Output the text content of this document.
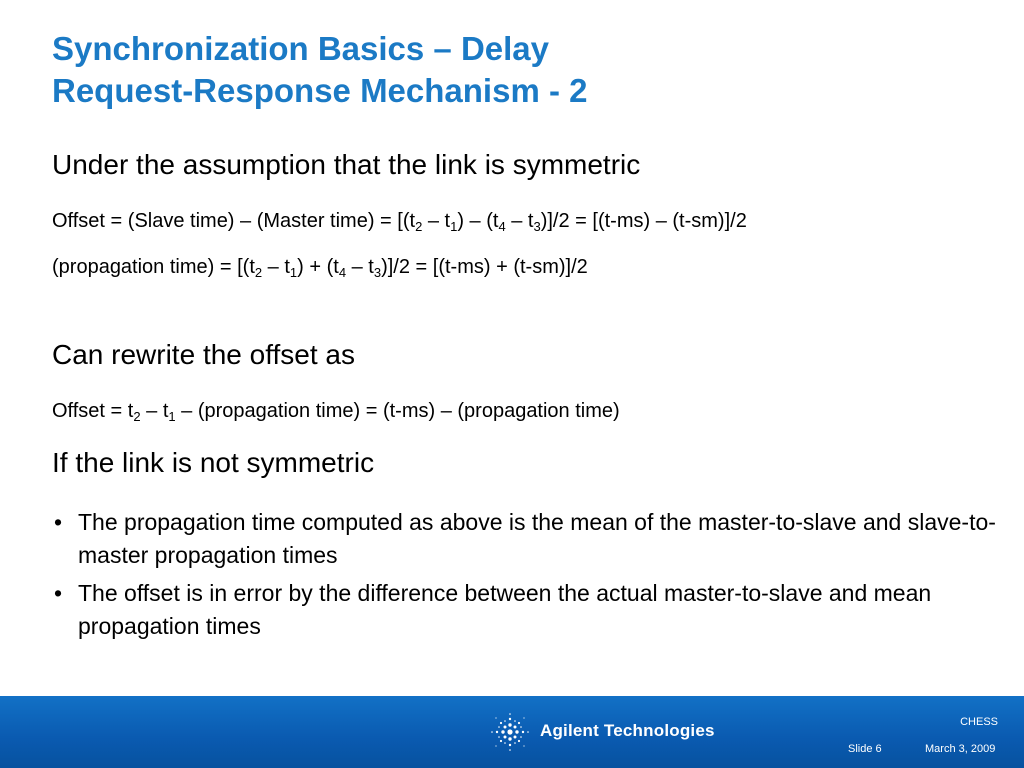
Synchronization Basics – Delay
Request-Response Mechanism - 2
Under the assumption that the link is symmetric
Offset = (Slave time) – (Master time) = $[(t_2 - t_1) - (t_4 - t_3)]/2 = [(t-ms) - (t-sm)]/2$
(propagation time) = $[(t_2 - t_1) + (t_4 - t_3)]/2 = [(t-ms) + (t-sm)]/2$
Can rewrite the offset as
Offset = $t_2 - t_1$ – (propagation time) = (t-ms) – (propagation time)
If the link is not symmetric
• The propagation time computed as above is the mean of the master-to-slave and slave-to- master propagation times
• The offset is in error by the difference between the actual master-to-slave and mean propagation times
Agilent Technologies	CHESS
Slide 6	March 3, 2009
